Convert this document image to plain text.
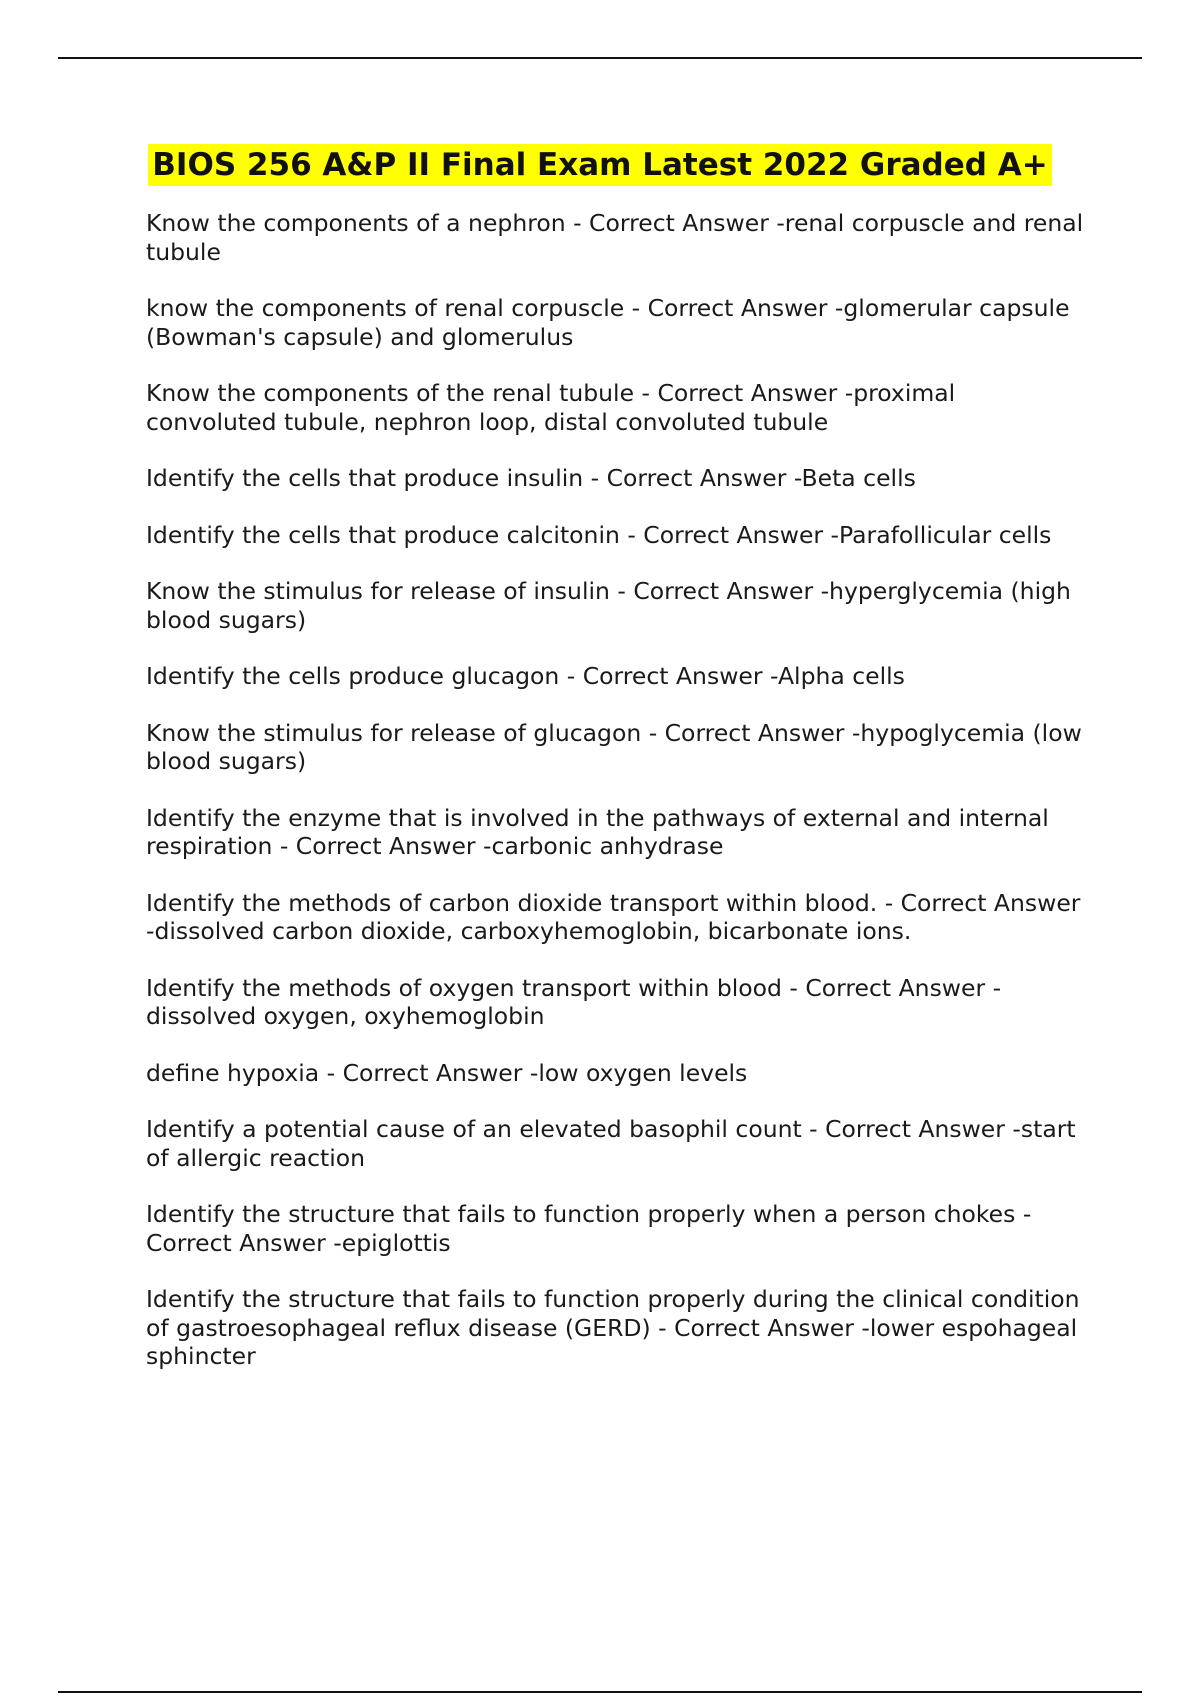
BIOS 256 A&P II Final Exam Latest 2022 Graded A+
Know the components of a nephron - Correct Answer -renal corpuscle and renal tubule
know the components of renal corpuscle - Correct Answer -glomerular capsule (Bowman's capsule) and glomerulus
Know the components of the renal tubule - Correct Answer -proximal convoluted tubule, nephron loop, distal convoluted tubule
Identify the cells that produce insulin - Correct Answer -Beta cells
Identify the cells that produce calcitonin - Correct Answer -Parafollicular cells
Know the stimulus for release of insulin - Correct Answer -hyperglycemia (high blood sugars)
Identify the cells produce glucagon - Correct Answer -Alpha cells
Know the stimulus for release of glucagon - Correct Answer -hypoglycemia (low blood sugars)
Identify the enzyme that is involved in the pathways of external and internal respiration - Correct Answer -carbonic anhydrase
Identify the methods of carbon dioxide transport within blood. - Correct Answer -dissolved carbon dioxide, carboxyhemoglobin, bicarbonate ions.
Identify the methods of oxygen transport within blood - Correct Answer -dissolved oxygen, oxyhemoglobin
define hypoxia - Correct Answer -low oxygen levels
Identify a potential cause of an elevated basophil count - Correct Answer -start of allergic reaction
Identify the structure that fails to function properly when a person chokes - Correct Answer -epiglottis
Identify the structure that fails to function properly during the clinical condition of gastroesophageal reflux disease (GERD) - Correct Answer -lower espohageal sphincter
